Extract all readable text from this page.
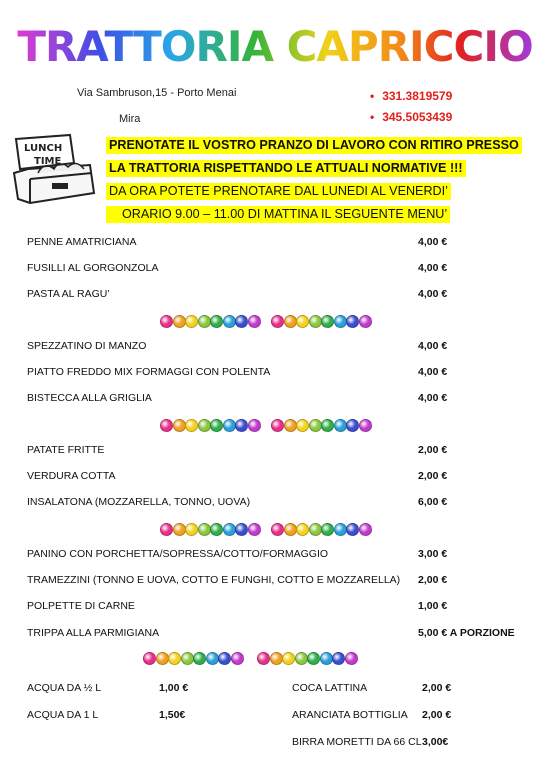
TRATTORIA CAPRICCIO
Via Sambruson,15 - Porto Menai
Mira
• 331.3819579
• 345.5053439
LUNCH
TIME
PRENOTATE IL VOSTRO PRANZO DI LAVORO CON RITIRO PRESSO
LA TRATTORIA RISPETTANDO LE ATTUALI NORMATIVE !!!
DA ORA POTETE PRENOTARE DAL LUNEDI AL VENERDI’
ORARIO 9.00 – 11.00 DI MATTINA IL SEGUENTE MENU’
PENNE AMATRICIANA	4,00 €
FUSILLI AL GORGONZOLA	4,00 €
PASTA AL RAGU’	4,00 €
SPEZZATINO DI MANZO	4,00 €
PIATTO FREDDO MIX FORMAGGI CON POLENTA	4,00 €
BISTECCA ALLA GRIGLIA	4,00 €
PATATE FRITTE	2,00 €
VERDURA COTTA	2,00 €
INSALATONA (MOZZARELLA, TONNO, UOVA)	6,00 €
PANINO CON PORCHETTA/SOPRESSA/COTTO/FORMAGGIO	3,00 €
TRAMEZZINI (TONNO E UOVA, COTTO E FUNGHI, COTTO E MOZZARELLA) 2,00 €
POLPETTE DI CARNE	1,00 €
TRIPPA ALLA PARMIGIANA	5,00 € A PORZIONE
ACQUA DA ½ L	1,00 €
ACQUA DA 1 L	1,50€
COCA LATTINA	2,00 €
ARANCIATA BOTTIGLIA 2,00 €
BIRRA MORETTI DA 66 CL 3,00€
